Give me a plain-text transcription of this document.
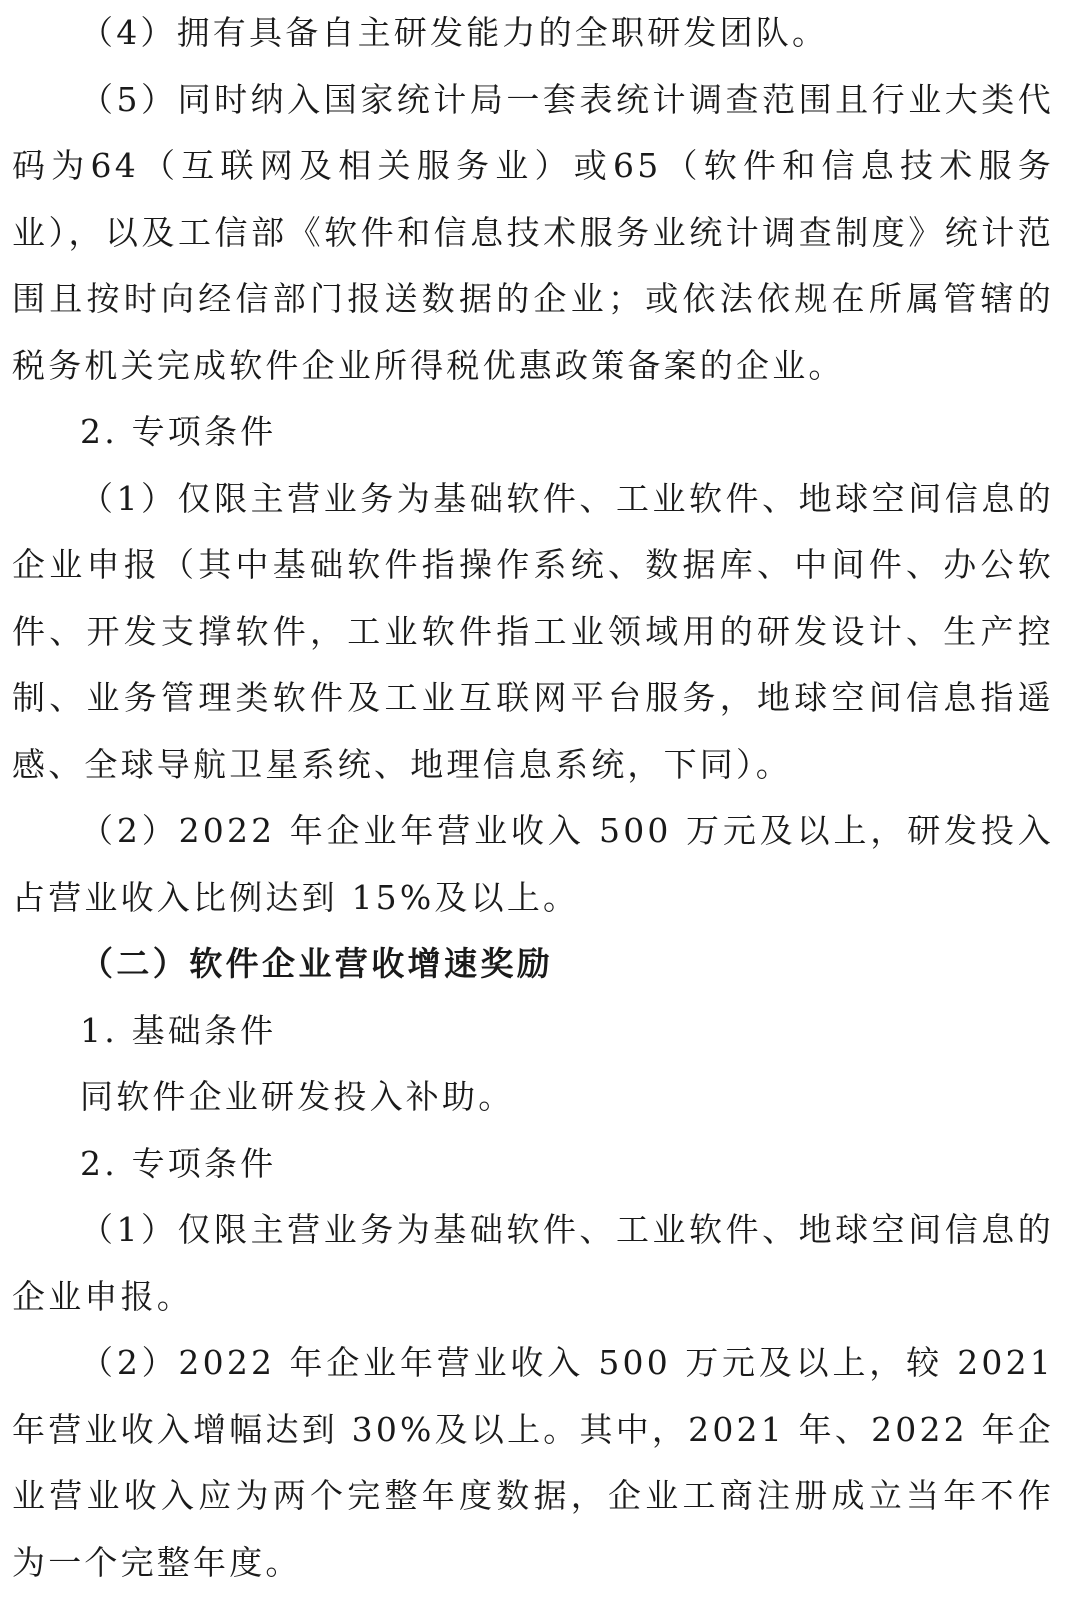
（4）拥有具备自主研发能力的全职研发团队。
（5）同时纳入国家统计局一套表统计调查范围且行业大类代码为64（互联网及相关服务业）或65（软件和信息技术服务业），以及工信部《软件和信息技术服务业统计调查制度》统计范围且按时向经信部门报送数据的企业；或依法依规在所属管辖的税务机关完成软件企业所得税优惠政策备案的企业。
2. 专项条件
（1）仅限主营业务为基础软件、工业软件、地球空间信息的企业申报（其中基础软件指操作系统、数据库、中间件、办公软件、开发支撑软件，工业软件指工业领域用的研发设计、生产控制、业务管理类软件及工业互联网平台服务，地球空间信息指遥感、全球导航卫星系统、地理信息系统，下同）。
（2）2022 年企业年营业收入 500 万元及以上，研发投入占营业收入比例达到 15%及以上。
（二）软件企业营收增速奖励
1. 基础条件
同软件企业研发投入补助。
2. 专项条件
（1）仅限主营业务为基础软件、工业软件、地球空间信息的企业申报。
（2）2022 年企业年营业收入 500 万元及以上，较 2021 年营业收入增幅达到 30%及以上。其中，2021 年、2022 年企业营业收入应为两个完整年度数据，企业工商注册成立当年不作为一个完整年度。
